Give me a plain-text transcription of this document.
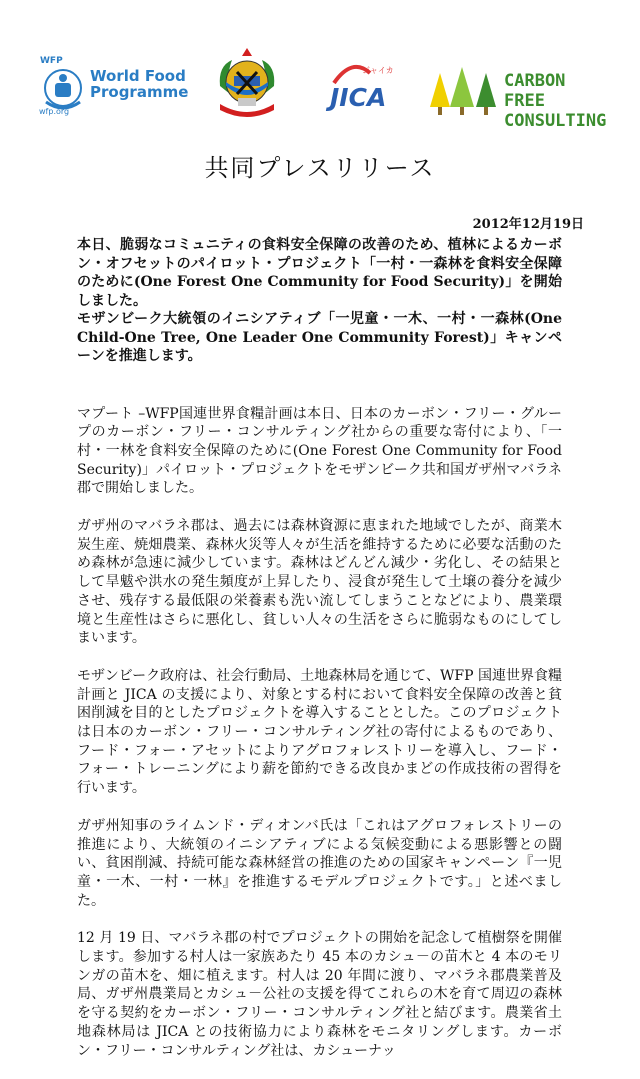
WFP
World Food
Programme
wfp.org
ジャイカ
JICA
CARBON FREE
CONSULTING
共同プレスリリース
2012年12月19日
本日、脆弱なコミュニティの食料安全保障の改善のため、植林によるカーボン・オフセットのパイロット・プロジェクト「一村・一森林を食料安全保障のために(One Forest One Community for Food Security)」を開始しました。
モザンビーク大統領のイニシアティブ「一児童・一木、一村・一森林(One Child-One Tree, One Leader One Community Forest)」キャンペーンを推進します。

マプート –WFP国連世界食糧計画は本日、日本のカーボン・フリー・グループのカーボン・フリー・コンサルティング社からの重要な寄付により、「一村・一林を食料安全保障のために(One Forest One Community for Food Security)」パイロット・プロジェクトをモザンビーク共和国ガザ州マバラネ郡で開始しました。

ガザ州のマバラネ郡は、過去には森林資源に恵まれた地域でしたが、商業木炭生産、焼畑農業、森林火災等人々が生活を維持するために必要な活動のため森林が急速に減少しています。森林はどんどん減少・劣化し、その結果として旱魃や洪水の発生頻度が上昇したり、浸食が発生して土壌の養分を減少させ、残存する最低限の栄養素も洗い流してしまうことなどにより、農業環境と生産性はさらに悪化し、貧しい人々の生活をさらに脆弱なものにしてしまいます。

モザンビーク政府は、社会行動局、土地森林局を通じて、WFP 国連世界食糧計画と JICA の支援により、対象とする村において食料安全保障の改善と貧困削減を目的としたプロジェクトを導入することとした。このプロジェクトは日本のカーボン・フリー・コンサルティング社の寄付によるものであり、フード・フォー・アセットによりアグロフォレストリーを導入し、フード・フォー・トレーニングにより薪を節約できる改良かまどの作成技術の習得を行います。

ガザ州知事のライムンド・ディオンバ氏は「これはアグロフォレストリーの推進により、大統領のイニシアティブによる気候変動による悪影響との闘い、貧困削減、持続可能な森林経営の推進のための国家キャンペーン『一児童・一木、一村・一林』を推進するモデルプロジェクトです。」と述べました。

12 月 19 日、マバラネ郡の村でプロジェクトの開始を記念して植樹祭を開催します。参加する村人は一家族あたり 45 本のカシュ－の苗木と 4 本のモリンガの苗木を、畑に植えます。村人は 20 年間に渡り、マバラネ郡農業普及局、ガザ州農業局とカシュ－公社の支援を得てこれらの木を育て周辺の森林を守る契約をカーボン・フリー・コンサルティング社と結びます。農業省土地森林局は JICA との技術協力により森林をモニタリングします。カーボン・フリー・コンサルティング社は、カシューナッ
